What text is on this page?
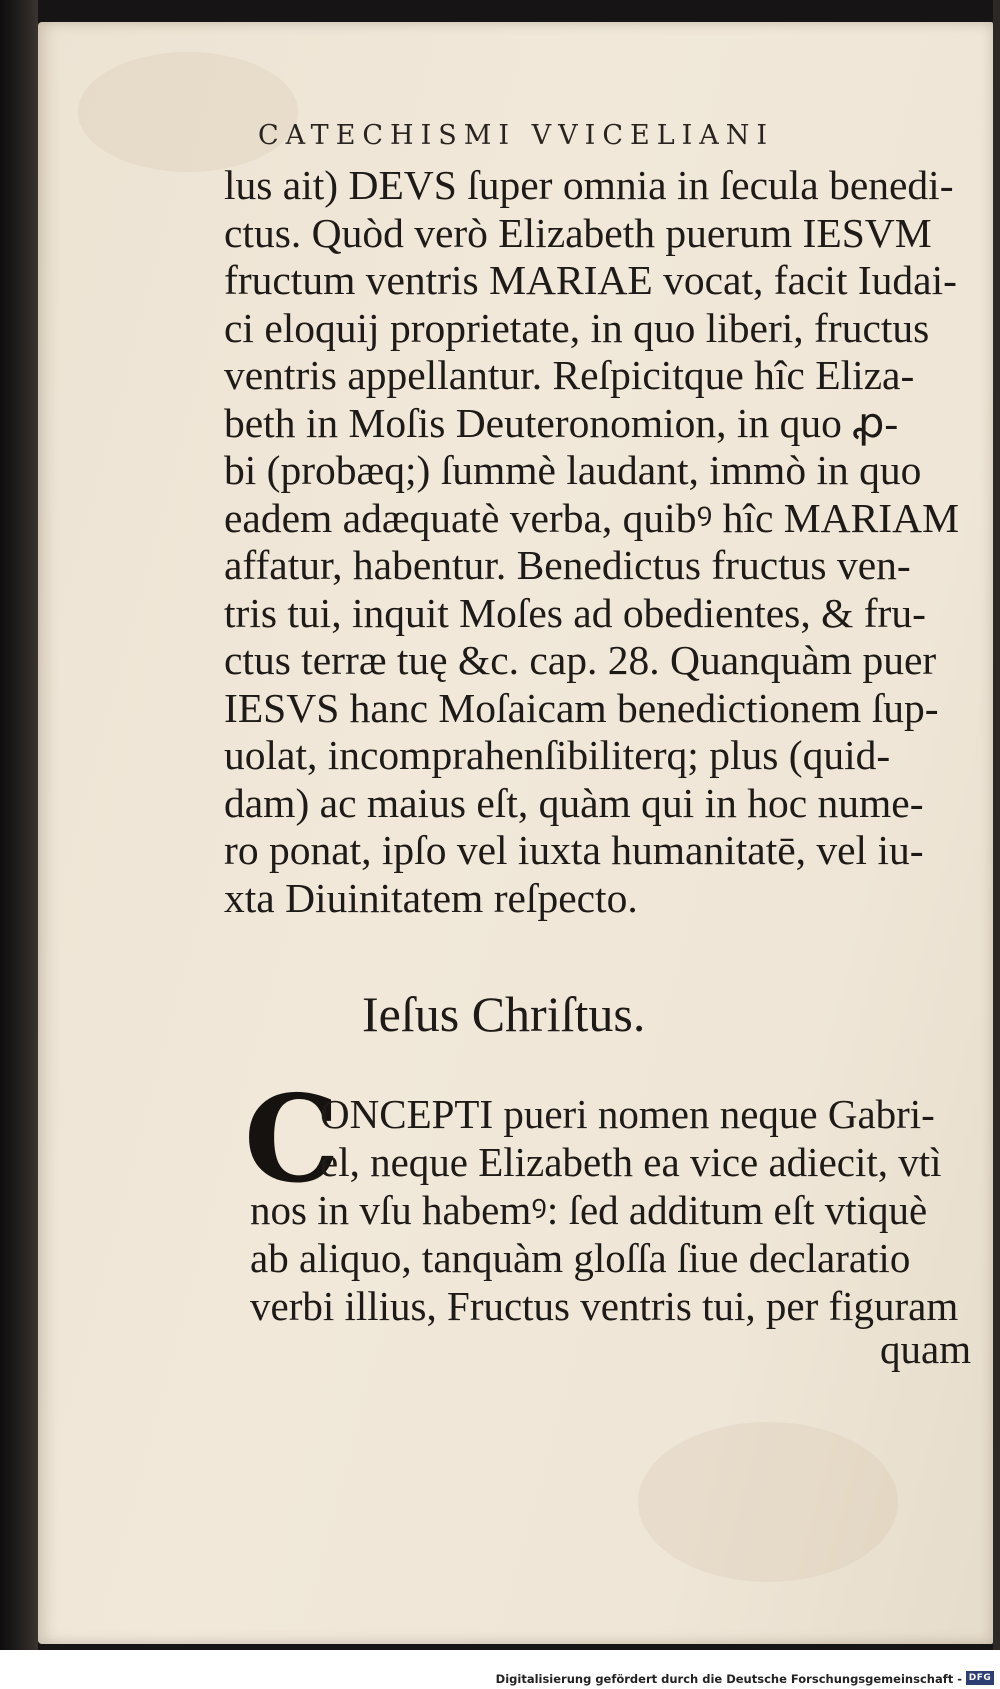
CATECHISMI VVICELIANI
lus ait) DEVS ſuper omnia in ſecula benedi-
ctus. Quòd verò Elizabeth puerum IESVM
fructum ventris MARIAE vocat, facit Iudai-
ci eloquij proprietate, in quo liberi, fructus
ventris appellantur. Reſpicitque hîc Eliza-
beth in Moſis Deuteronomion, in quo ꝓ-
bi (probæq;) ſummè laudant, immò in quo
eadem adæquatè verba, quibꝰ hîc MARIAM
affatur, habentur. Benedictus fructus ven-
tris tui, inquit Moſes ad obedientes, & fru-
ctus terræ tuę &c. cap. 28. Quanquàm puer
IESVS hanc Moſaicam benedictionem ſup-
uolat, incomprahenſibiliterq; plus (quid-
dam) ac maius eſt, quàm qui in hoc nume-
ro ponat, ipſo vel iuxta humanitatē, vel iu-
xta Diuinitatem reſpecto.
Ieſus Chriſtus.
C
ONCEPTI pueri nomen neque Gabri-
el, neque Elizabeth ea vice adiecit, vtì
nos in vſu habemꝰ: ſed additum eſt vtiquè
ab aliquo, tanquàm gloſſa ſiue declaratio
verbi illius, Fructus ventris tui, per figuram
quam
Digitalisierung gefördert durch die Deutsche Forschungsgemeinschaft - DFG
